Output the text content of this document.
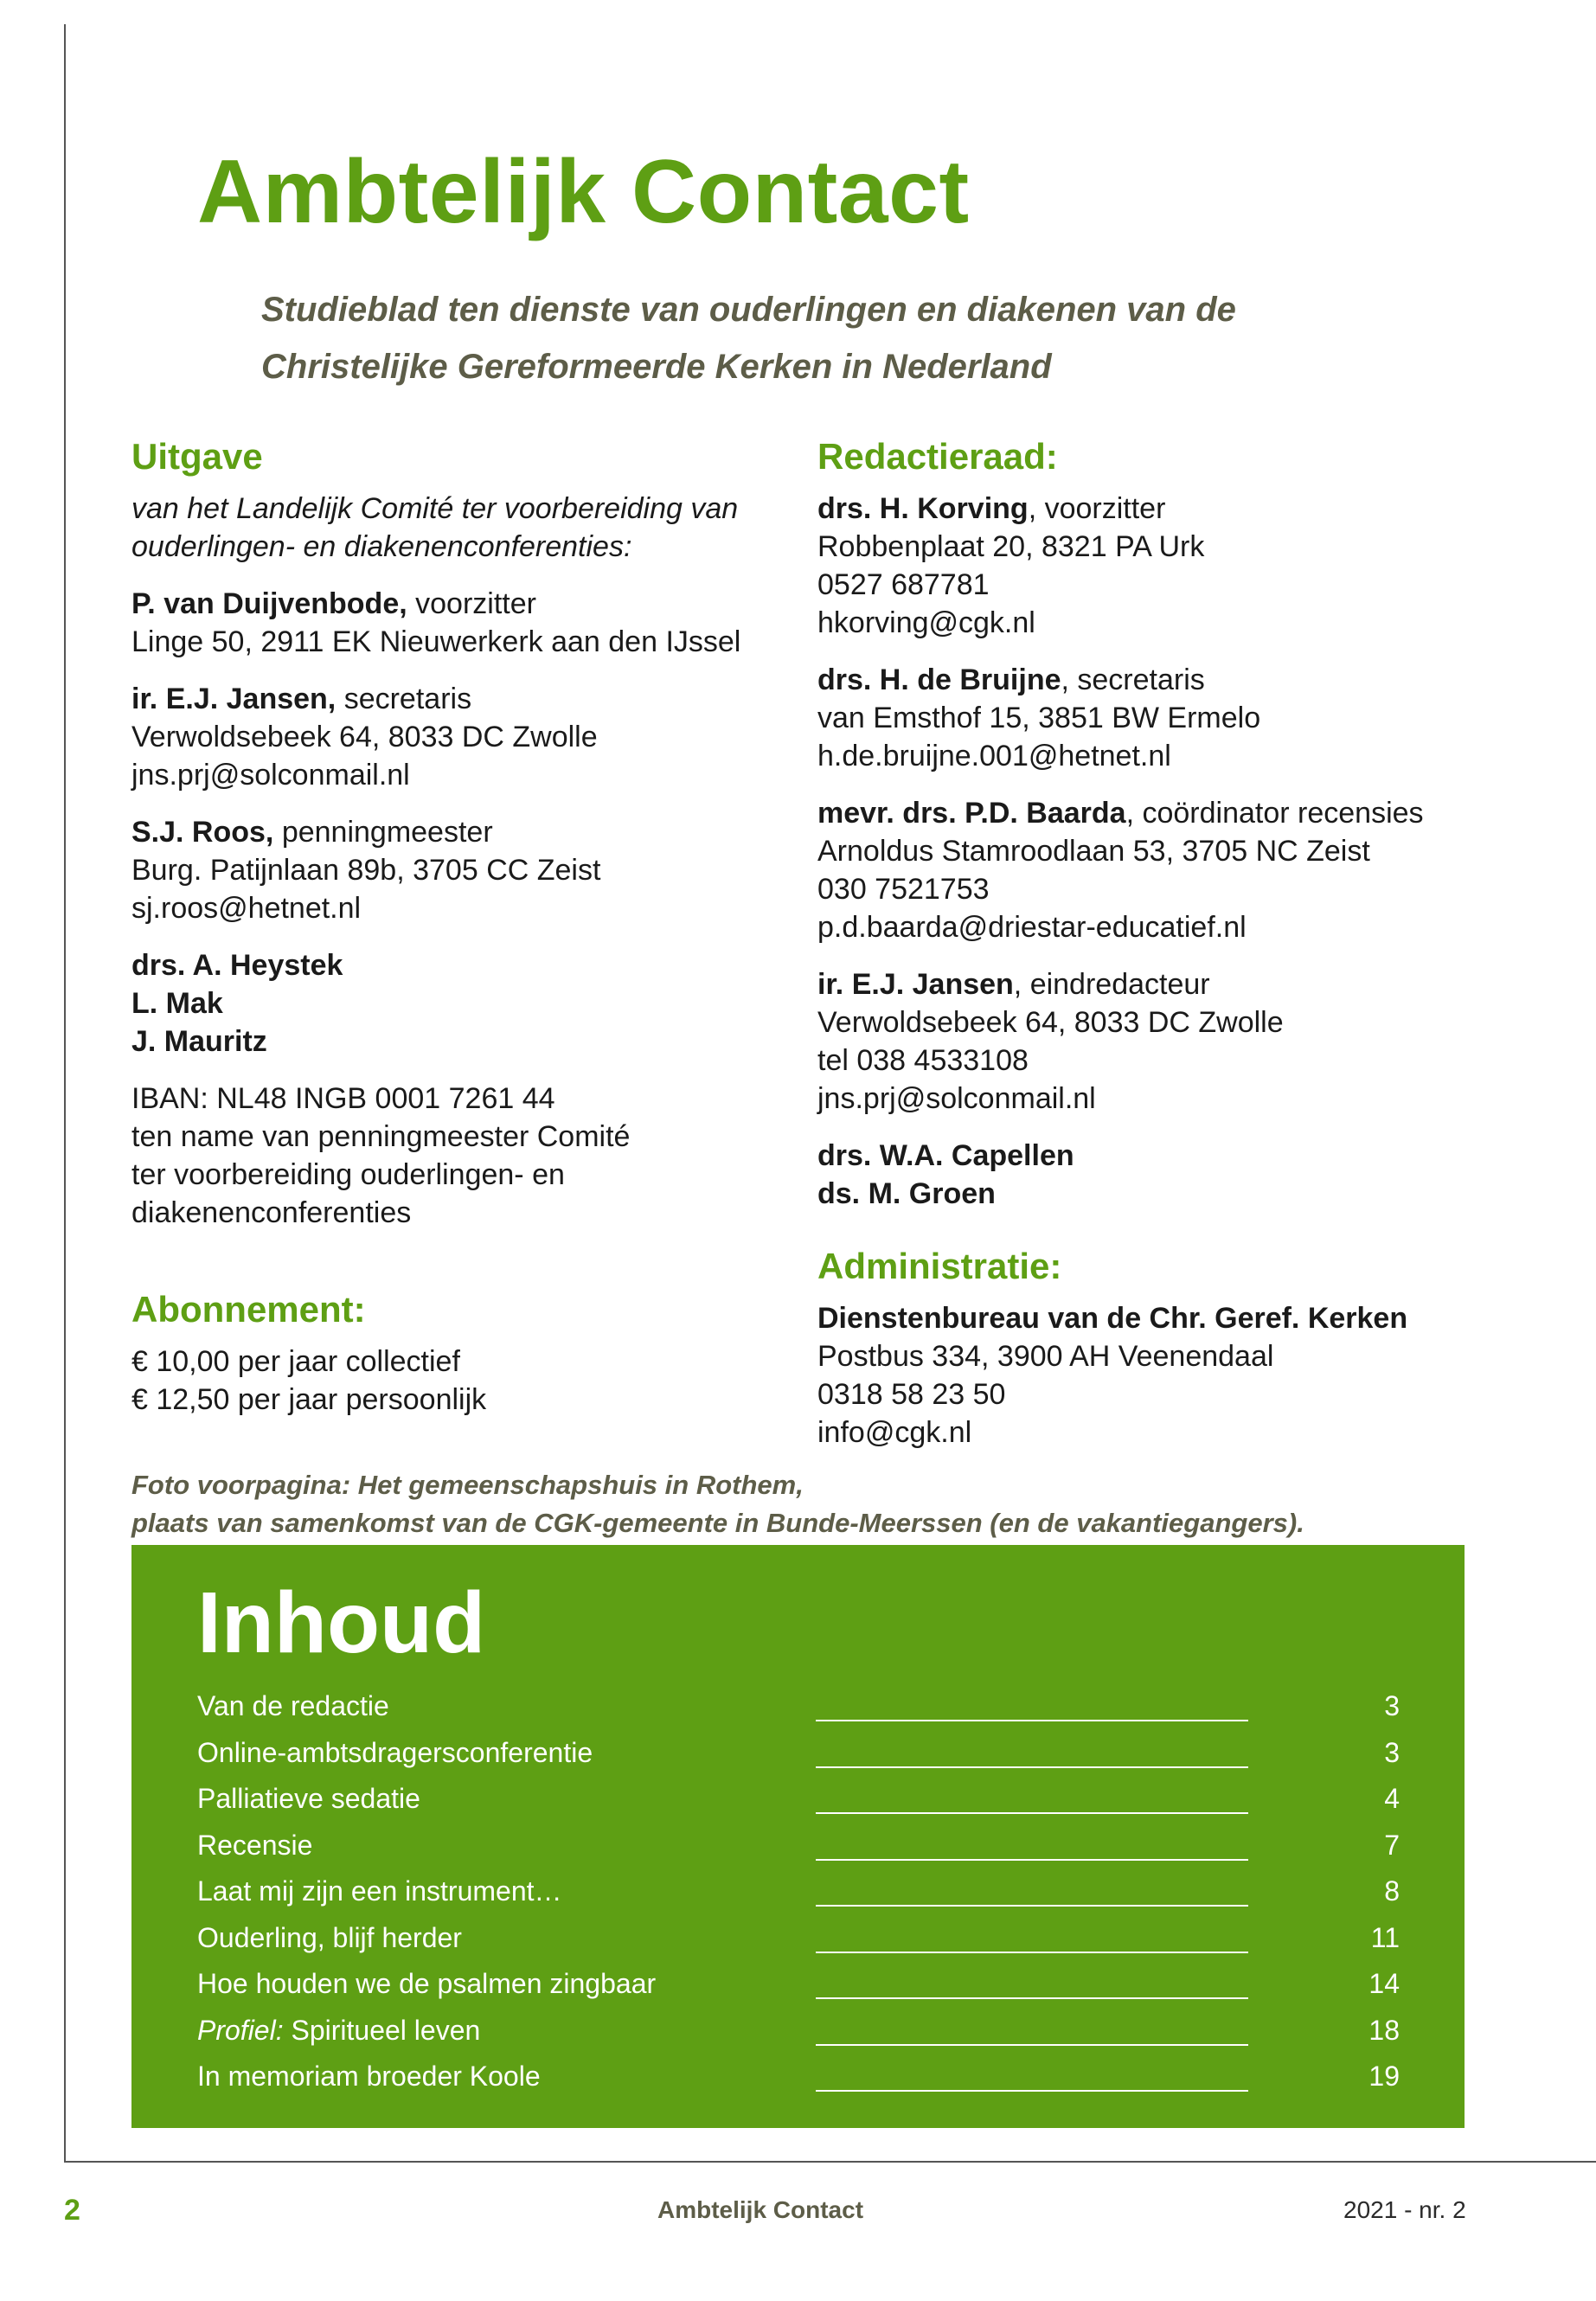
Ambtelijk Contact
Studieblad ten dienste van ouderlingen en diakenen van de
Christelijke Gereformeerde Kerken in Nederland
Uitgave
van het Landelijk Comité ter voorbereiding van
ouderlingen- en diakenenconferenties:
P. van Duijvenbode, voorzitter
Linge 50, 2911 EK Nieuwerkerk aan den IJssel
ir. E.J. Jansen, secretaris
Verwoldsebeek 64, 8033 DC Zwolle
jns.prj@solconmail.nl
S.J. Roos, penningmeester
Burg. Patijnlaan 89b, 3705 CC Zeist
sj.roos@hetnet.nl
drs. A. Heystek
L. Mak
J. Mauritz
IBAN: NL48 INGB 0001 7261 44
ten name van penningmeester Comité
ter voorbereiding ouderlingen- en
diakenenconferenties
Abonnement:
€ 10,00 per jaar collectief
€ 12,50 per jaar persoonlijk
Redactieraad:
drs. H. Korving, voorzitter
Robbenplaat 20, 8321 PA Urk
0527 687781
hkorving@cgk.nl
drs. H. de Bruijne, secretaris
van Emsthof 15, 3851 BW Ermelo
h.de.bruijne.001@hetnet.nl
mevr. drs. P.D. Baarda, coördinator recensies
Arnoldus Stamroodlaan 53, 3705 NC Zeist
030 7521753
p.d.baarda@driestar-educatief.nl
ir. E.J. Jansen, eindredacteur
Verwoldsebeek 64, 8033 DC Zwolle
tel 038 4533108
jns.prj@solconmail.nl
drs. W.A. Capellen
ds. M. Groen
Administratie:
Dienstenbureau van de Chr. Geref. Kerken
Postbus 334, 3900 AH Veenendaal
0318 58 23 50
info@cgk.nl
Foto voorpagina: Het gemeenschapshuis in Rothem,
plaats van samenkomst van de CGK-gemeente in Bunde-Meerssen (en de vakantiegangers).
Inhoud
Van de redactie	3
Online-ambtsdragersconferentie	3
Palliatieve sedatie	4
Recensie	7
Laat mij zijn een instrument…	8
Ouderling, blijf herder	11
Hoe houden we de psalmen zingbaar	14
Profiel: Spiritueel leven	18
In memoriam broeder Koole	19
2	Ambtelijk Contact	2021 - nr. 2
